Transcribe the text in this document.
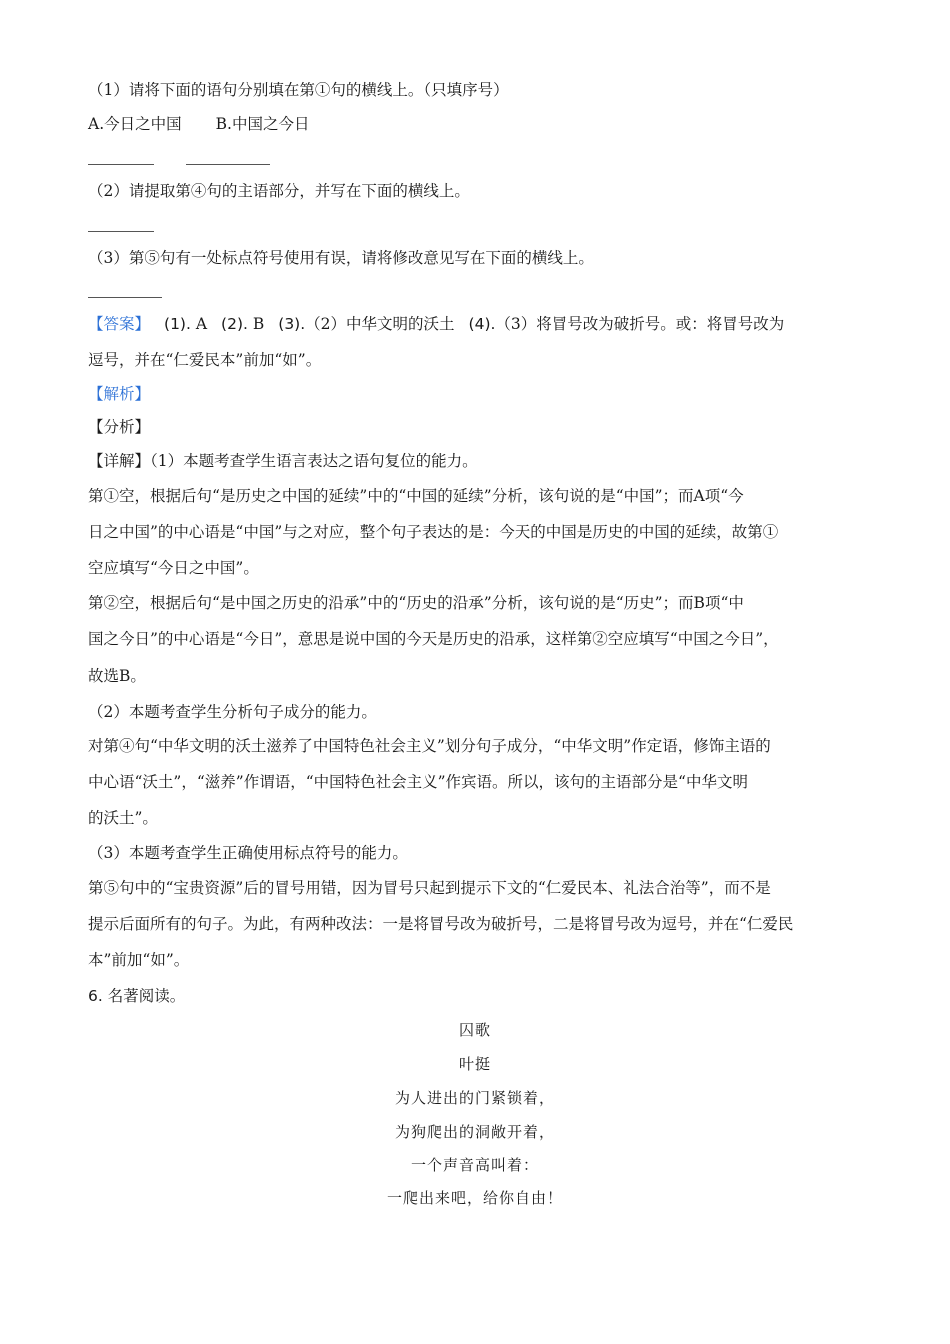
（1）请将下面的语句分别填在第①句的横线上。（只填序号）
A.今日之中国 B.中国之今日
（2）请提取第④句的主语部分，并写在下面的横线上。
（3）第⑤句有一处标点符号使用有误，请将修改意见写在下面的横线上。
【答案】 (1). A (2). B (3).（2）中华文明的沃土 (4).（3）将冒号改为破折号。或：将冒号改为
逗号，并在“仁爱民本”前加“如”。
【解析】
【分析】
【详解】（1）本题考查学生语言表达之语句复位的能力。
第①空，根据后句“是历史之中国的延续”中的“中国的延续”分析，该句说的是“中国”；而A项“今
日之中国”的中心语是“中国”与之对应，整个句子表达的是：今天的中国是历史的中国的延续，故第①
空应填写“今日之中国”。
第②空，根据后句“是中国之历史的沿承”中的“历史的沿承”分析，该句说的是“历史”；而B项“中
国之今日”的中心语是“今日”，意思是说中国的今天是历史的沿承，这样第②空应填写“中国之今日”，
故选B。
（2）本题考查学生分析句子成分的能力。
对第④句“中华文明的沃土滋养了中国特色社会主义”划分句子成分，“中华文明”作定语，修饰主语的
中心语“沃土”，“滋养”作谓语，“中国特色社会主义”作宾语。所以，该句的主语部分是“中华文明
的沃土”。
（3）本题考查学生正确使用标点符号的能力。
第⑤句中的“宝贵资源”后的冒号用错，因为冒号只起到提示下文的“仁爱民本、礼法合治等”，而不是
提示后面所有的句子。为此，有两种改法：一是将冒号改为破折号，二是将冒号改为逗号，并在“仁爱民
本”前加“如”。
6. 名著阅读。
囚歌
叶挺
为人进出的门紧锁着，
为狗爬出的洞敞开着，
一个声音高叫着：
一爬出来吧，给你自由！
